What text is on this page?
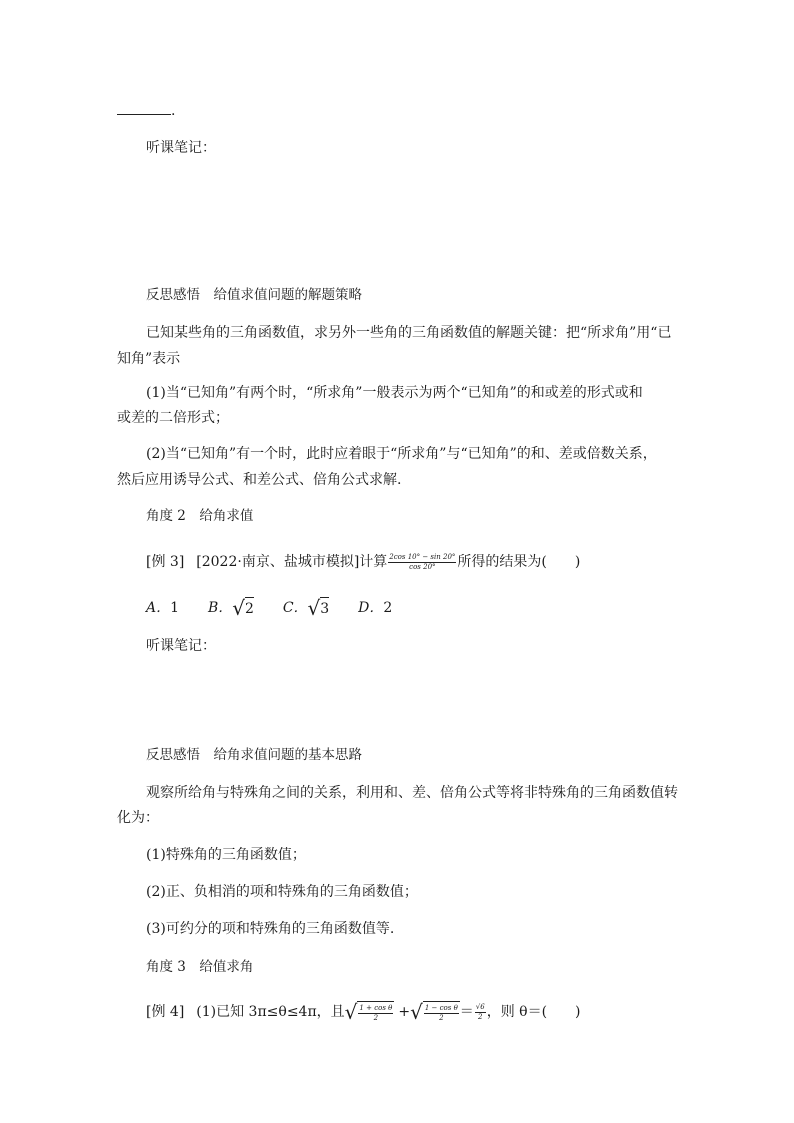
.
听课笔记：
反思感悟　给值求值问题的解题策略
已知某些角的三角函数值，求另外一些角的三角函数值的解题关键：把“所求角”用“已
知角”表示
(1)当“已知角”有两个时，“所求角”一般表示为两个“已知角”的和或差的形式或和
或差的二倍形式；
(2)当“已知角”有一个时，此时应着眼于“所求角”与“已知角”的和、差或倍数关系，
然后应用诱导公式、和差公式、倍角公式求解.
角度 2　给角求值
[例 3] [2022·南京、盐城市模拟]计算 $\frac{2\cos 10^\circ - \sin 20^\circ}{\cos 20^\circ}$ 所得的结果为(　　)
A．1 B．√2 C．√3 D．2
听课笔记：
反思感悟　给角求值问题的基本思路
观察所给角与特殊角之间的关系，利用和、差、倍角公式等将非特殊角的三角函数值转
化为：
(1)特殊角的三角函数值；
(2)正、负相消的项和特殊角的三角函数值；
(3)可约分的项和特殊角的三角函数值等.
角度 3　给值求角
[例 4] (1)已知 3π≤θ≤4π，且√ $\frac{\text{1 + cos θ}}{2}$ +√ $\frac{\text{1 − cos θ}}{2} = \frac{√6}{2}$ ，则 θ＝(　　)
